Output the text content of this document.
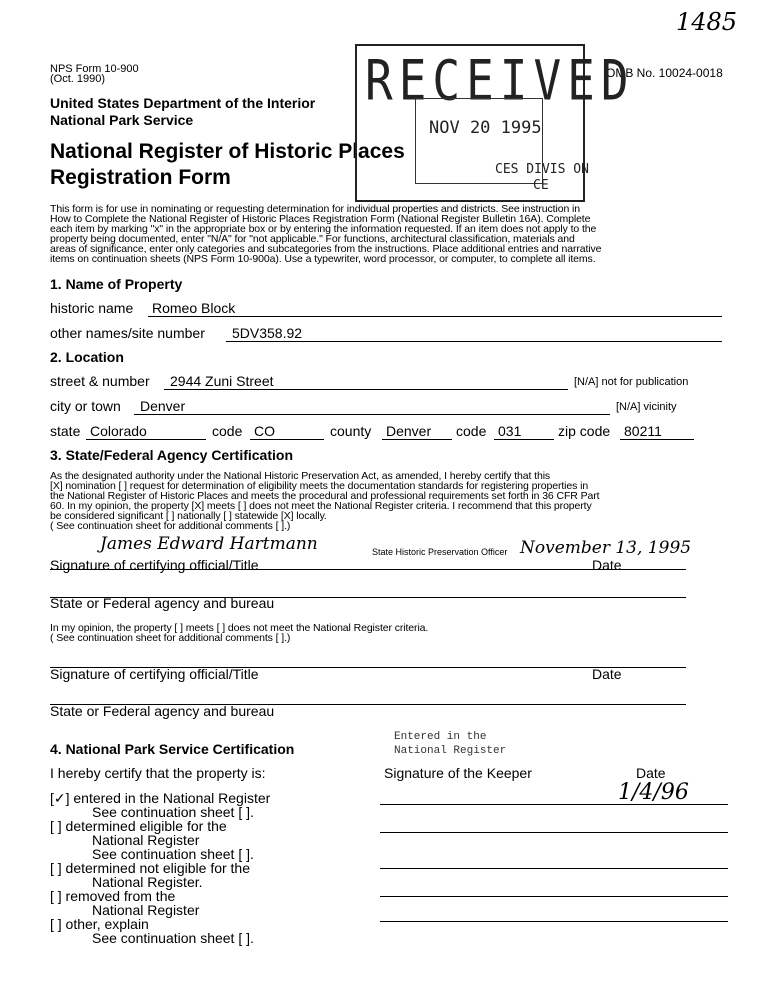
1485
NPS Form 10-900
(Oct. 1990)	OMB No. 10024-0018
United States Department of the Interior
National Park Service
National Register of Historic Places
Registration Form
RECEIVED
NOV 20 1995
CES DIVIS ON
CE
This form is for use in nominating or requesting determination for individual properties and districts. See instruction in
How to Complete the National Register of Historic Places Registration Form (National Register Bulletin 16A). Complete
each item by marking "x" in the appropriate box or by entering the information requested. If an item does not apply to the
property being documented, enter "N/A" for "not applicable." For functions, architectural classification, materials and
areas of significance, enter only categories and subcategories from the instructions. Place additional entries and narrative
items on continuation sheets (NPS Form 10-900a). Use a typewriter, word processor, or computer, to complete all items.
1. Name of Property
historic name Romeo Block
other names/site number 5DV358.92
2. Location
street & number 2944 Zuni Street	[N/A] not for publication
city or town Denver	[N/A] vicinity
state Colorado	code CO	county Denver code 031	zip code 80211
3. State/Federal Agency Certification
As the designated authority under the National Historic Preservation Act, as amended, I hereby certify that this
[X] nomination [ ] request for determination of eligibility meets the documentation standards for registering properties in
the National Register of Historic Places and meets the procedural and professional requirements set forth in 36 CFR Part
60. In my opinion, the property [X] meets [ ] does not meet the National Register criteria. I recommend that this property
be considered significant [ ] nationally [ ] statewide [X] locally.
( See continuation sheet for additional comments [ ].)
James Edward Hartmann	State Historic Preservation Officer November 13, 1995
Signature of certifying official/Title	Date
State or Federal agency and bureau
In my opinion, the property [ ] meets [ ] does not meet the National Register criteria.
( See continuation sheet for additional comments [ ].)
Signature of certifying official/Title	Date
State or Federal agency and bureau
4. National Park Service Certification
I hereby certify that the property is:
Entered in the
National Register
Signature of the Keeper	Date
1/4/96
[✓] entered in the National Register
See continuation sheet [ ].
[ ] determined eligible for the
National Register
See continuation sheet [ ].
[ ] determined not eligible for the
National Register.
[ ] removed from the
National Register
[ ] other, explain
See continuation sheet [ ].
